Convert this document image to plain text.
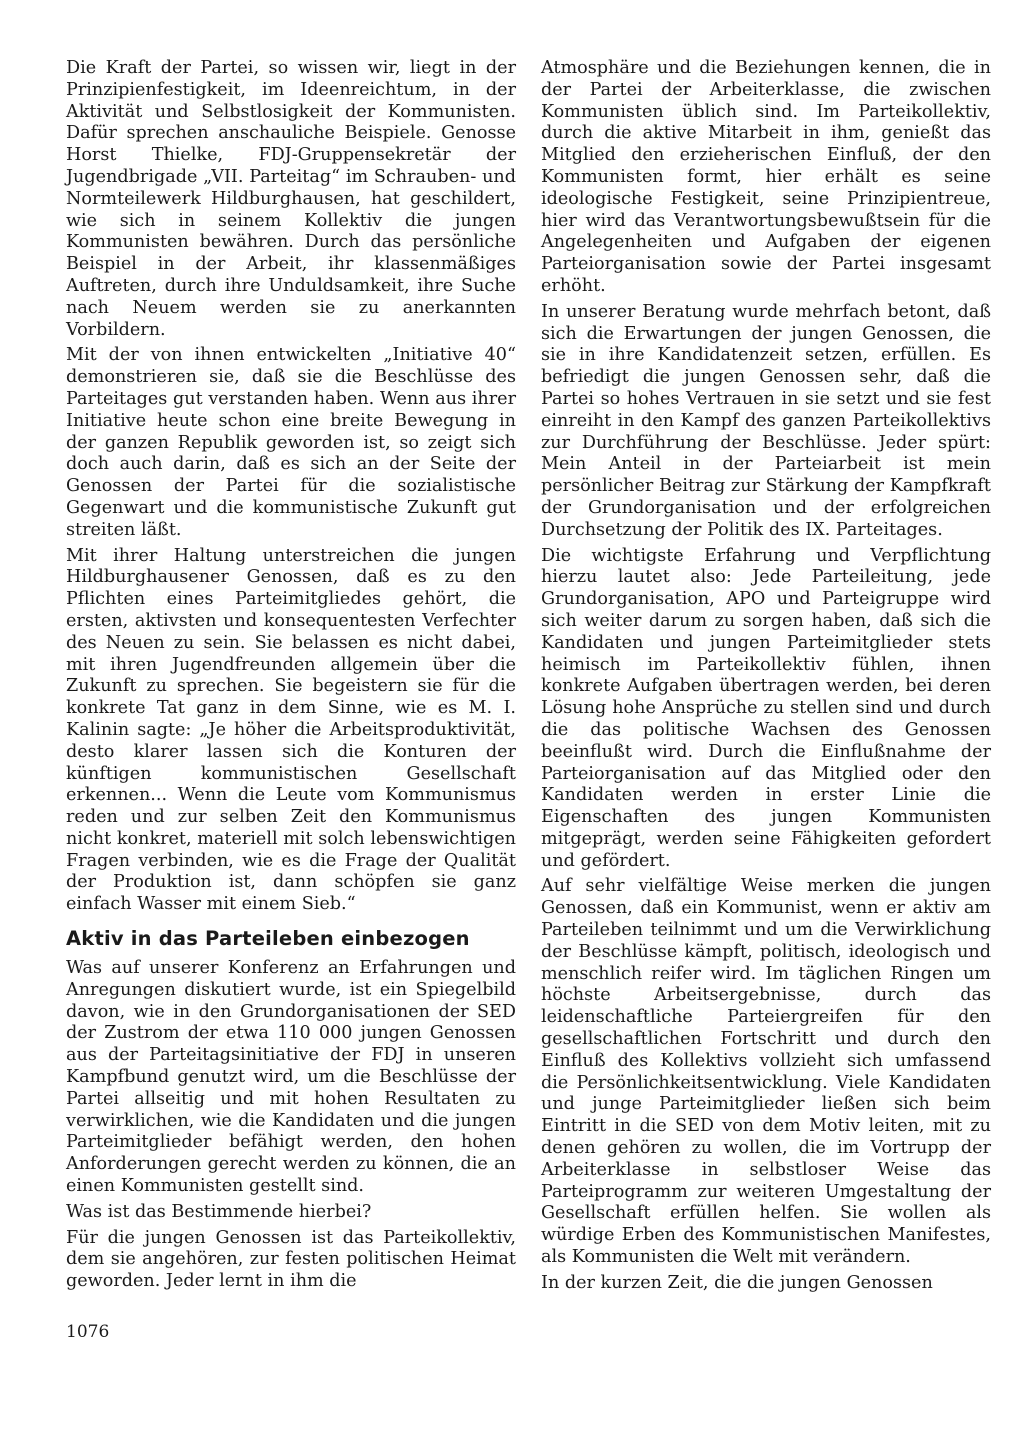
Die Kraft der Partei, so wissen wir, liegt in der Prinzipienfestigkeit, im Ideenreichtum, in der Aktivität und Selbstlosigkeit der Kommunisten. Dafür sprechen anschauliche Beispiele. Genosse Horst Thielke, FDJ-Gruppensekretär der Jugendbrigade „VII. Parteitag“ im Schrauben- und Normteilewerk Hildburghausen, hat geschildert, wie sich in seinem Kollektiv die jungen Kommunisten bewähren. Durch das persönliche Beispiel in der Arbeit, ihr klassenmäßiges Auftreten, durch ihre Unduldsamkeit, ihre Suche nach Neuem werden sie zu anerkannten Vorbildern.

Mit der von ihnen entwickelten „Initiative 40“ demonstrieren sie, daß sie die Beschlüsse des Parteitages gut verstanden haben. Wenn aus ihrer Initiative heute schon eine breite Bewegung in der ganzen Republik geworden ist, so zeigt sich doch auch darin, daß es sich an der Seite der Genossen der Partei für die sozialistische Gegenwart und die kommunistische Zukunft gut streiten läßt.

Mit ihrer Haltung unterstreichen die jungen Hildburghausener Genossen, daß es zu den Pflichten eines Parteimitgliedes gehört, die ersten, aktivsten und konsequentesten Verfechter des Neuen zu sein. Sie belassen es nicht dabei, mit ihren Jugendfreunden allgemein über die Zukunft zu sprechen. Sie begeistern sie für die konkrete Tat ganz in dem Sinne, wie es M. I. Kalinin sagte: „Je höher die Arbeitsproduktivität, desto klarer lassen sich die Konturen der künftigen kommunistischen Gesellschaft erkennen... Wenn die Leute vom Kommunismus reden und zur selben Zeit den Kommunismus nicht konkret, materiell mit solch lebenswichtigen Fragen verbinden, wie es die Frage der Qualität der Produktion ist, dann schöpfen sie ganz einfach Wasser mit einem Sieb.“

Aktiv in das Parteileben einbezogen

Was auf unserer Konferenz an Erfahrungen und Anregungen diskutiert wurde, ist ein Spiegelbild davon, wie in den Grundorganisationen der SED der Zustrom der etwa 110 000 jungen Genossen aus der Parteitagsinitiative der FDJ in unseren Kampfbund genutzt wird, um die Beschlüsse der Partei allseitig und mit hohen Resultaten zu verwirklichen, wie die Kandidaten und die jungen Parteimitglieder befähigt werden, den hohen Anforderungen gerecht werden zu können, die an einen Kommunisten gestellt sind.

Was ist das Bestimmende hierbei?

Für die jungen Genossen ist das Parteikollektiv, dem sie angehören, zur festen politischen Heimat geworden. Jeder lernt in ihm die

Atmosphäre und die Beziehungen kennen, die in der Partei der Arbeiterklasse, die zwischen Kommunisten üblich sind. Im Parteikollektiv, durch die aktive Mitarbeit in ihm, genießt das Mitglied den erzieherischen Einfluß, der den Kommunisten formt, hier erhält es seine ideologische Festigkeit, seine Prinzipientreue, hier wird das Verantwortungsbewußtsein für die Angelegenheiten und Aufgaben der eigenen Parteiorganisation sowie der Partei insgesamt erhöht.

In unserer Beratung wurde mehrfach betont, daß sich die Erwartungen der jungen Genossen, die sie in ihre Kandidatenzeit setzen, erfüllen. Es befriedigt die jungen Genossen sehr, daß die Partei so hohes Vertrauen in sie setzt und sie fest einreiht in den Kampf des ganzen Parteikollektivs zur Durchführung der Beschlüsse. Jeder spürt: Mein Anteil in der Parteiarbeit ist mein persönlicher Beitrag zur Stärkung der Kampfkraft der Grundorganisation und der erfolgreichen Durchsetzung der Politik des IX. Parteitages.

Die wichtigste Erfahrung und Verpflichtung hierzu lautet also: Jede Parteileitung, jede Grundorganisation, APO und Parteigruppe wird sich weiter darum zu sorgen haben, daß sich die Kandidaten und jungen Parteimitglieder stets heimisch im Parteikollektiv fühlen, ihnen konkrete Aufgaben übertragen werden, bei deren Lösung hohe Ansprüche zu stellen sind und durch die das politische Wachsen des Genossen beeinflußt wird. Durch die Einflußnahme der Parteiorganisation auf das Mitglied oder den Kandidaten werden in erster Linie die Eigenschaften des jungen Kommunisten mitgeprägt, werden seine Fähigkeiten gefordert und gefördert.

Auf sehr vielfältige Weise merken die jungen Genossen, daß ein Kommunist, wenn er aktiv am Parteileben teilnimmt und um die Verwirklichung der Beschlüsse kämpft, politisch, ideologisch und menschlich reifer wird. Im täglichen Ringen um höchste Arbeitsergebnisse, durch das leidenschaftliche Parteiergreifen für den gesellschaftlichen Fortschritt und durch den Einfluß des Kollektivs vollzieht sich umfassend die Persönlichkeitsentwicklung. Viele Kandidaten und junge Parteimitglieder ließen sich beim Eintritt in die SED von dem Motiv leiten, mit zu denen gehören zu wollen, die im Vortrupp der Arbeiterklasse in selbstloser Weise das Parteiprogramm zur weiteren Umgestaltung der Gesellschaft erfüllen helfen. Sie wollen als würdige Erben des Kommunistischen Manifestes, als Kommunisten die Welt mit verändern.

In der kurzen Zeit, die die jungen Genossen

1076
